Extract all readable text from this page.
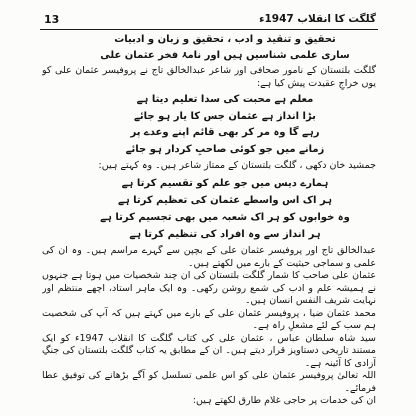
13	گلگت کا انقلاب 1947ء
تحقیق و تنقید و ادب ، تحقیق و زبان و ادبیات
ساری علمی شناسیں ہیں اور نامۂ فخر عثمان علی

گلگت بلتستان کے نامور صحافی اور شاعر عبدالخالق تاج نے پروفیسر عثمان علی کو یوں خراجِ عقیدت پیش کیا ہے:

معلم ہے محبت کی سدا تعلیم دیتا ہے
بڑا انداز ہے عثمان جس کا یار ہو جائے
رہے گا وہ مر کر بھی قائم اپنے وعدے پر
زمانے میں جو کوئی صاحبِ کردار ہو جائے

جمشید خان دکھی ، گلگت بلتستان کے ممتاز شاعر ہیں۔ وہ کہتے ہیں:

ہمارے دیس میں جو علم کو تقسیم کرتا ہے
ہر اک اس واسطے عثمان کی تعظیم کرتا ہے
وہ خوابوں کو ہر اک شعبہ میں بھی تجسیم کرتا ہے
ہر انداز سے وہ افراد کی تنظیم کرتا ہے

عبدالخالق تاج اور پروفیسر عثمان علی کے بچپن سے گہرے مراسم ہیں۔ وہ ان کی علمی و سماجی حیثیت کے بارے میں لکھتے ہیں۔

عثمان علی صاحب کا شمار گلگت بلتستان کی ان چند شخصیات میں ہوتا ہے جنہوں نے ہمیشہ علم و ادب کی شمع روشن رکھی۔ وہ ایک ماہر استاد، اچھے منتظم اور نہایت شریف النفس انسان ہیں۔

محمد عثمان ضیا ، پروفیسر عثمان علی کے بارے میں کہتے ہیں کہ آپ کی شخصیت ہم سب کے لئے مشعلِ راہ ہے۔

سید شاہ سلطان عباس ، عثمان علی کی کتاب گلگت کا انقلاب 1947ء کو ایک مستند تاریخی دستاویز قرار دیتے ہیں۔ ان کے مطابق یہ کتاب گلگت بلتستان کی جنگِ آزادی کا آئینہ ہے۔

اللہ تعالیٰ پروفیسر عثمان علی کو اس علمی تسلسل کو آگے بڑھانے کی توفیق عطا فرمائے۔

ان کی خدمات پر حاجی غلام طارق لکھتے ہیں:
